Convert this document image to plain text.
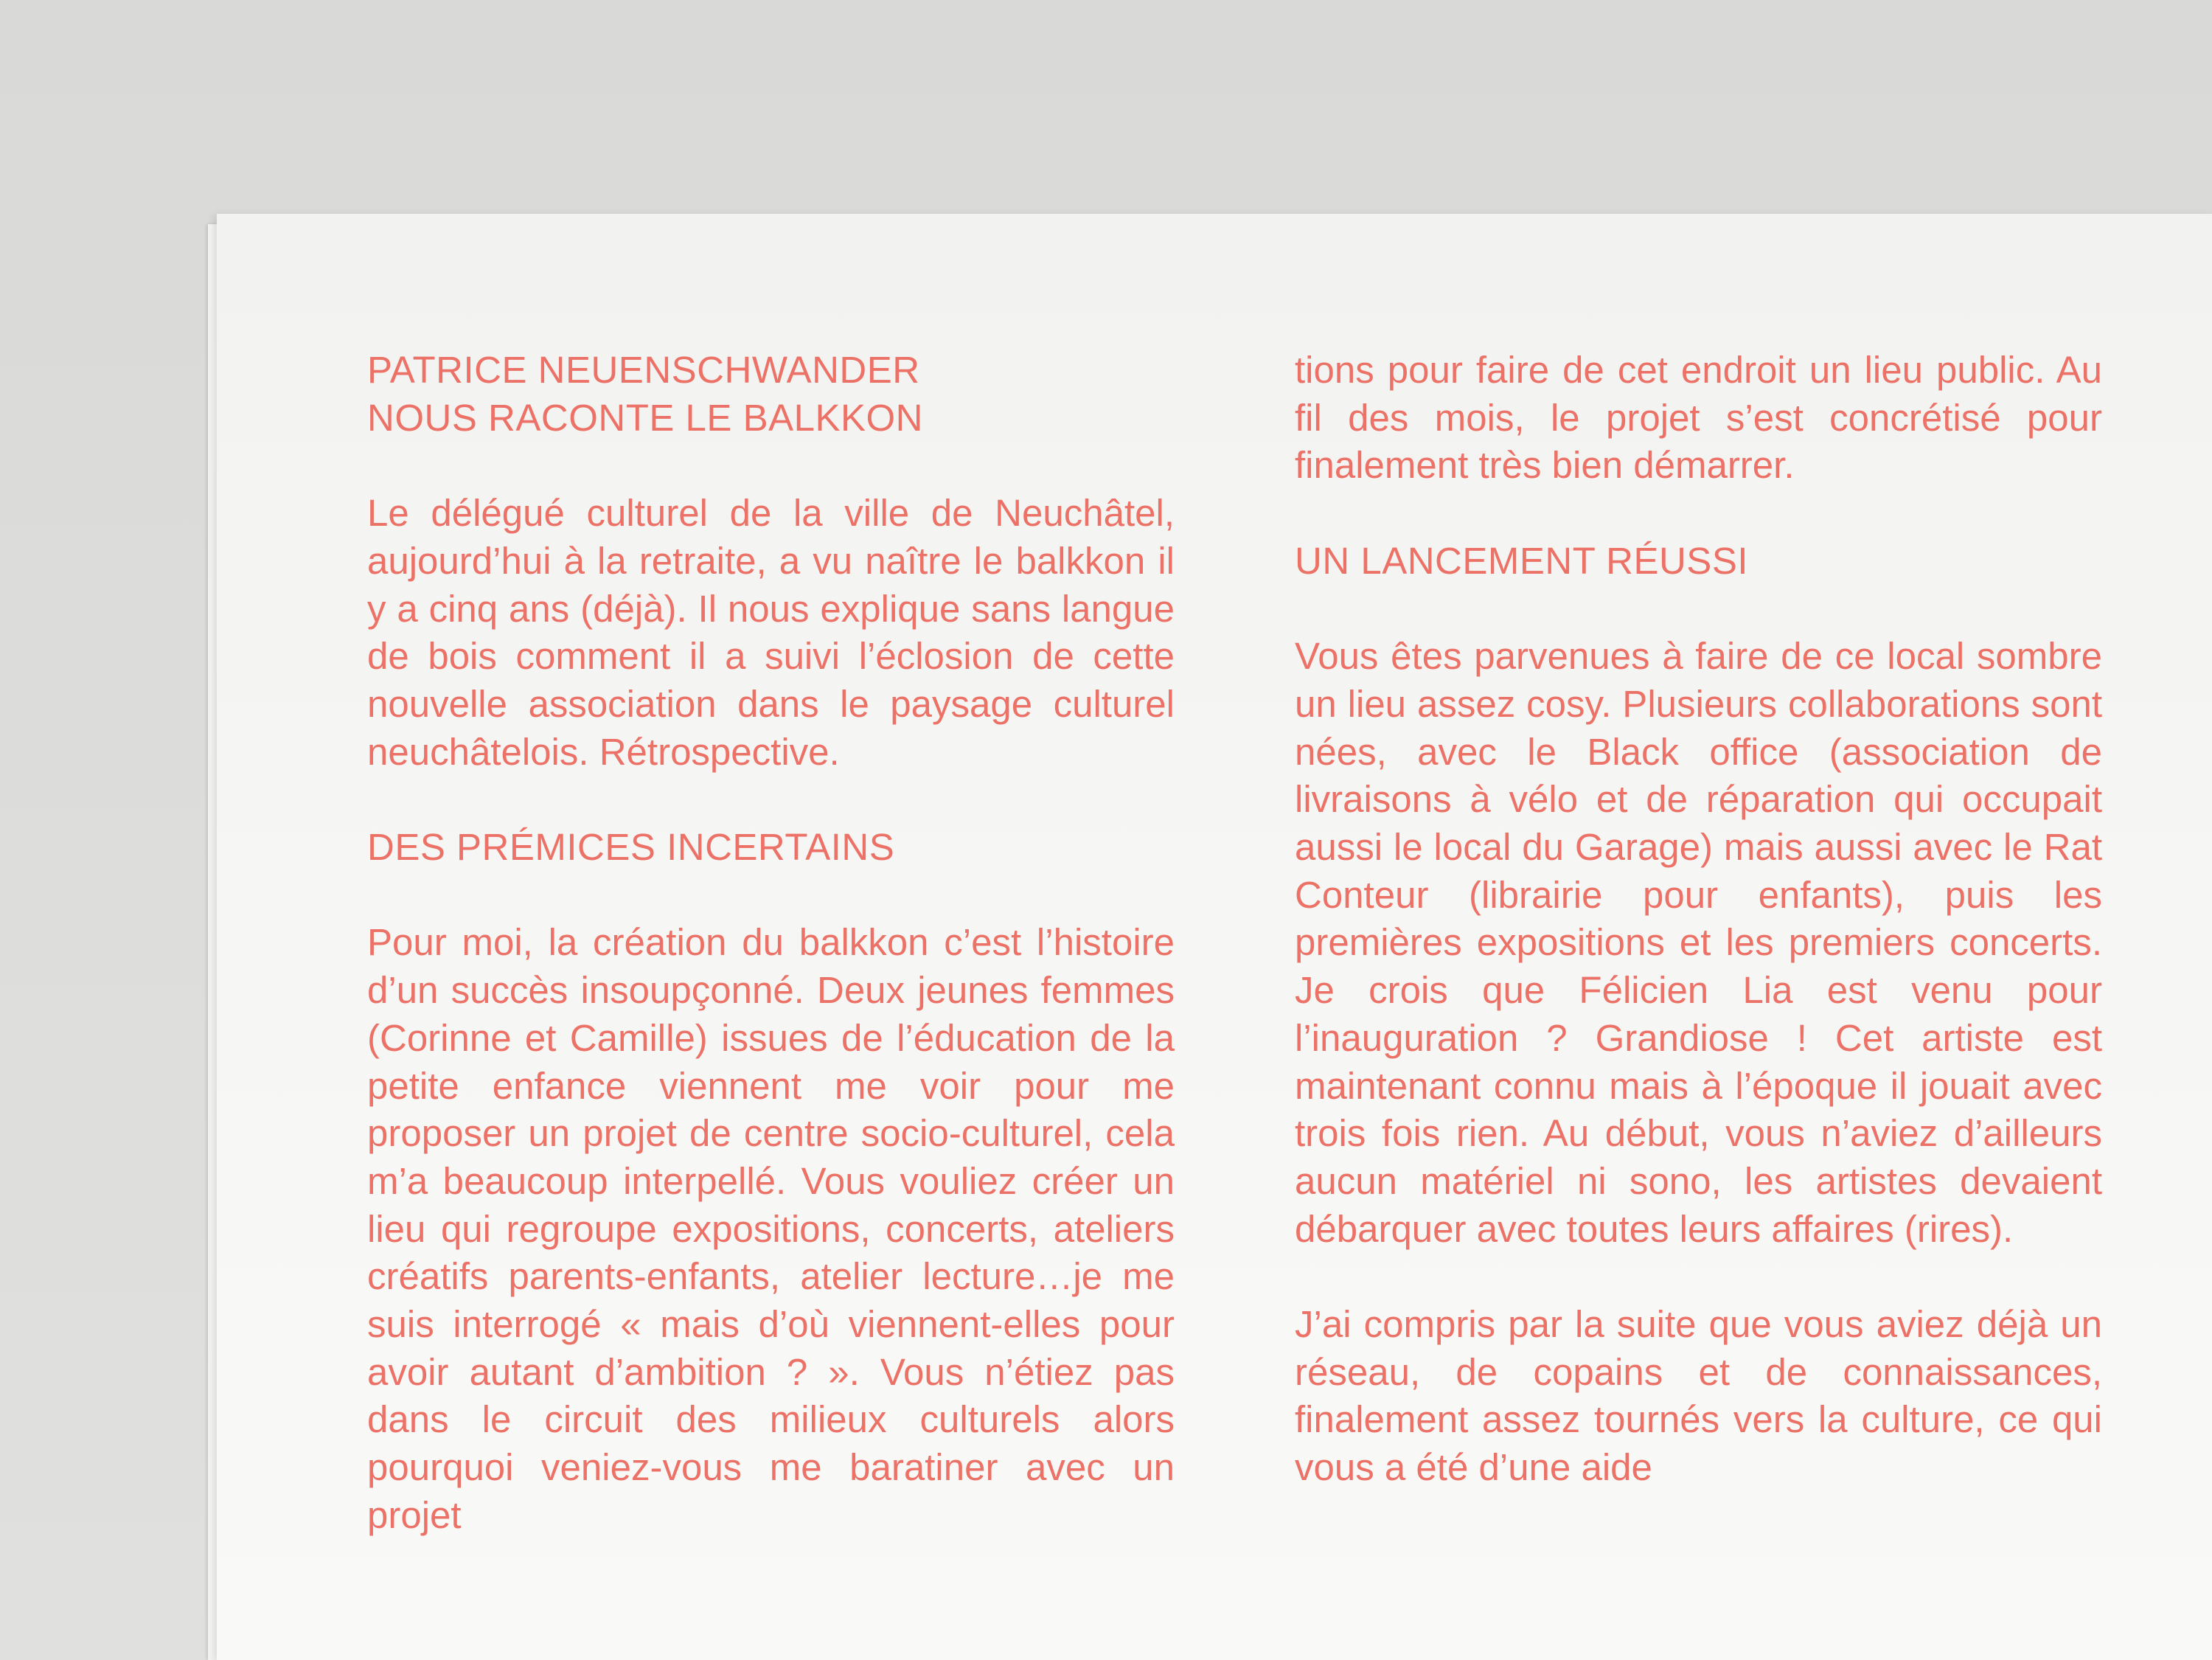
PATRICE NEUENSCHWANDER
NOUS RACONTE LE BALKKON

Le délégué culturel de la ville de Neuchâtel, aujourd’hui à la retraite, a vu naître le balkkon il y a cinq ans (déjà). Il nous explique sans langue de bois comment il a suivi l’éclosion de cette nouvelle association dans le paysage culturel neuchâtelois. Rétrospective.

DES PRÉMICES INCERTAINS

Pour moi, la création du balkkon c’est l’histoire d’un succès insoupçonné. Deux jeunes femmes (Corinne et Camille) issues de l’éducation de la petite enfance viennent me voir pour me proposer un projet de centre socio-culturel, cela m’a beaucoup interpellé. Vous vouliez créer un lieu qui regroupe expositions, concerts, ateliers créatifs parents-enfants, atelier lecture…je me suis interrogé « mais d’où viennent-elles pour avoir autant d’ambition ? ». Vous n’étiez pas dans le circuit des milieux culturels alors pourquoi veniez-vous me baratiner avec un projet

tions pour faire de cet endroit un lieu public. Au fil des mois, le projet s’est concrétisé pour finalement très bien démarrer.

UN LANCEMENT RÉUSSI

Vous êtes parvenues à faire de ce local sombre un lieu assez cosy. Plusieurs collaborations sont nées, avec le Black office (association de livraisons à vélo et de réparation qui occupait aussi le local du Garage) mais aussi avec le Rat Conteur (librairie pour enfants), puis les premières expositions et les premiers concerts. Je crois que Félicien Lia est venu pour l’inauguration ? Grandiose ! Cet artiste est maintenant connu mais à l’époque il jouait avec trois fois rien. Au début, vous n’aviez d’ailleurs aucun matériel ni sono, les artistes devaient débarquer avec toutes leurs affaires (rires).

J’ai compris par la suite que vous aviez déjà un réseau, de copains et de connaissances, finalement assez tournés vers la culture, ce qui vous a été d’une aide
